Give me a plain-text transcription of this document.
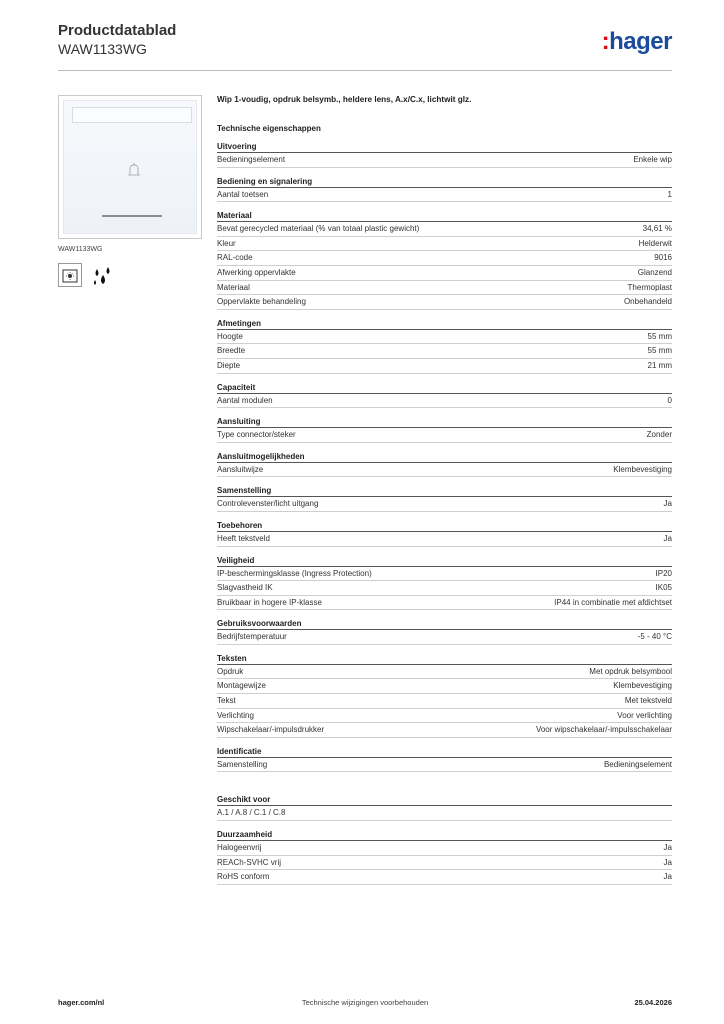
Productdatablad
WAW1133WG	:hager
WAW1133WG
Wip 1-voudig, opdruk belsymb., heldere lens, A.x/C.x, lichtwit glz.
Technische eigenschappen
Uitvoering
Bedieningselement	Enkele wip
Bediening en signalering
Aantal toetsen	1
Materiaal
Bevat gerecycled materiaal (% van totaal plastic gewicht)	34,61 %
Kleur	Helderwit
RAL-code	9016
Afwerking oppervlakte	Glanzend
Materiaal	Thermoplast
Oppervlakte behandeling	Onbehandeld
Afmetingen
Hoogte	55 mm
Breedte	55 mm
Diepte	21 mm
Capaciteit
Aantal modulen	0
Aansluiting
Type connector/steker	Zonder
Aansluitmogelijkheden
Aansluitwijze	Klembevestiging
Samenstelling
Controlevenster/licht uitgang	Ja
Toebehoren
Heeft tekstveld	Ja
Veiligheid
IP-beschermingsklasse (Ingress Protection)	IP20
Slagvastheid IK	IK05
Bruikbaar in hogere IP-klasse	IP44 in combinatie met afdichtset
Gebruiksvoorwaarden
Bedrijfstemperatuur	-5 - 40 °C
Teksten
Opdruk	Met opdruk belsymbool
Montagewijze	Klembevestiging
Tekst	Met tekstveld
Verlichting	Voor verlichting
Wipschakelaar/-impulsdrukker	Voor wipschakelaar/-impulsschakelaar
Identificatie
Samenstelling	Bedieningselement
Geschikt voor
A.1 / A.8 / C.1 / C.8
Duurzaamheid
Halogeenvrij	Ja
REACh-SVHC vrij	Ja
RoHS conform	Ja
hager.com/nl	Technische wijzigingen voorbehouden	25.04.2026
